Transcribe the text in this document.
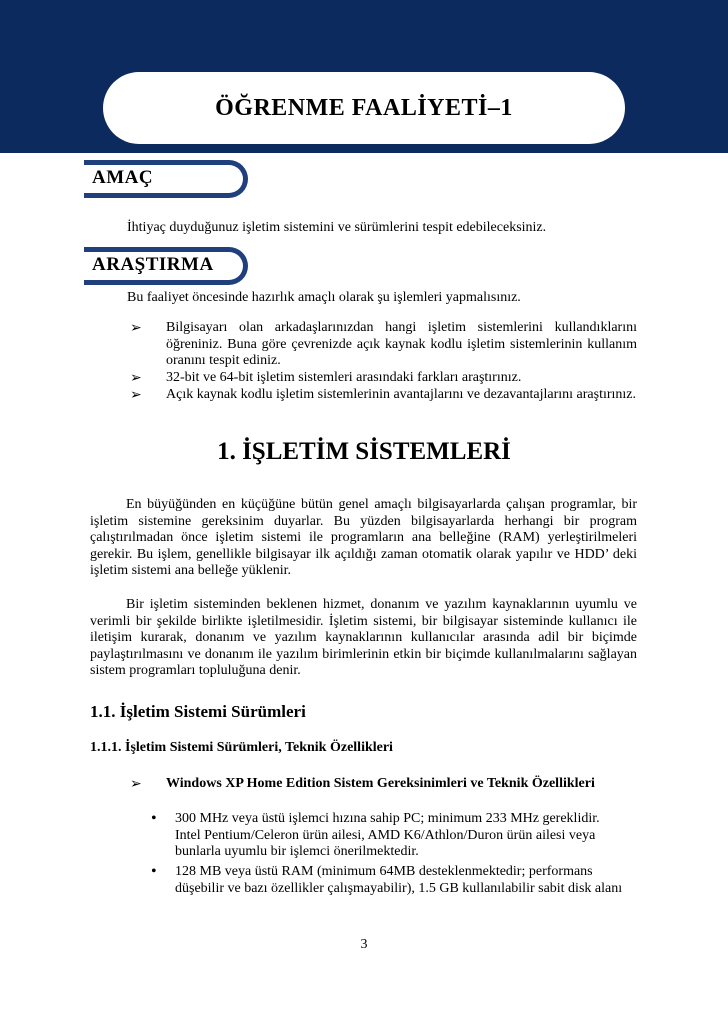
ÖĞRENME FAALİYETİ–1
AMAÇ
İhtiyaç duyduğunuz işletim sistemini ve sürümlerini tespit edebileceksiniz.
ARAŞTIRMA
Bu faaliyet öncesinde hazırlık amaçlı olarak şu işlemleri yapmalısınız.
➢ Bilgisayarı olan arkadaşlarınızdan hangi işletim sistemlerini kullandıklarını öğreniniz. Buna göre çevrenizde açık kaynak kodlu işletim sistemlerinin kullanım oranını tespit ediniz.
➢ 32-bit ve 64-bit işletim sistemleri arasındaki farkları araştırınız.
➢ Açık kaynak kodlu işletim sistemlerinin avantajlarını ve dezavantajlarını araştırınız.
1. İŞLETİM SİSTEMLERİ
En büyüğünden en küçüğüne bütün genel amaçlı bilgisayarlarda çalışan programlar, bir işletim sistemine gereksinim duyarlar. Bu yüzden bilgisayarlarda herhangi bir program çalıştırılmadan önce işletim sistemi ile programların ana belleğine (RAM) yerleştirilmeleri gerekir. Bu işlem, genellikle bilgisayar ilk açıldığı zaman otomatik olarak yapılır ve HDD’ deki işletim sistemi ana belleğe yüklenir.
Bir işletim sisteminden beklenen hizmet, donanım ve yazılım kaynaklarının uyumlu ve verimli bir şekilde birlikte işletilmesidir. İşletim sistemi, bir bilgisayar sisteminde kullanıcı ile iletişim kurarak, donanım ve yazılım kaynaklarının kullanıcılar arasında adil bir biçimde paylaştırılmasını ve donanım ile yazılım birimlerinin etkin bir biçimde kullanılmalarını sağlayan sistem programları topluluğuna denir.
1.1. İşletim Sistemi Sürümleri
1.1.1. İşletim Sistemi Sürümleri, Teknik Özellikleri
➢ Windows XP Home Edition Sistem Gereksinimleri ve Teknik Özellikleri
• 300 MHz veya üstü işlemci hızına sahip PC; minimum 233 MHz gereklidir. Intel Pentium/Celeron ürün ailesi, AMD K6/Athlon/Duron ürün ailesi veya bunlarla uyumlu bir işlemci önerilmektedir.
• 128 MB veya üstü RAM (minimum 64MB desteklenmektedir; performans düşebilir ve bazı özellikler çalışmayabilir), 1.5 GB kullanılabilir sabit disk alanı
3
